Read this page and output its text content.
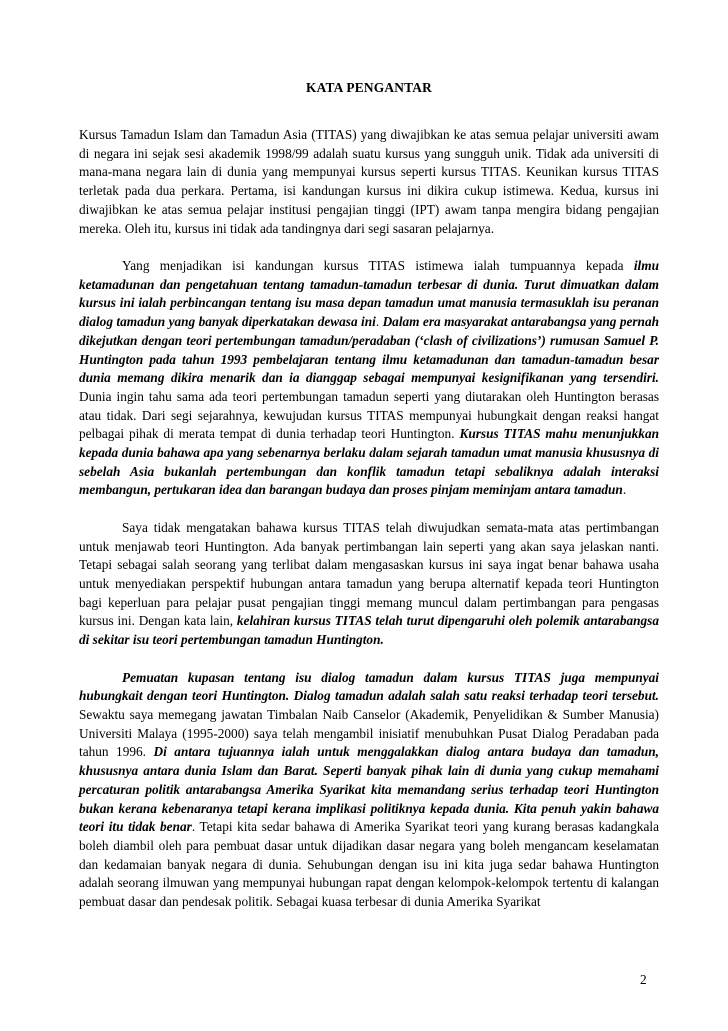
KATA PENGANTAR

Kursus Tamadun Islam dan Tamadun Asia (TITAS) yang diwajibkan ke atas semua pelajar universiti awam di negara ini sejak sesi akademik 1998/99 adalah suatu kursus yang sungguh unik. Tidak ada universiti di mana-mana negara lain di dunia yang mempunyai kursus seperti kursus TITAS. Keunikan kursus TITAS terletak pada dua perkara. Pertama, isi kandungan kursus ini dikira cukup istimewa. Kedua, kursus ini diwajibkan ke atas semua pelajar institusi pengajian tinggi (IPT) awam tanpa mengira bidang pengajian mereka. Oleh itu, kursus ini tidak ada tandingnya dari segi sasaran pelajarnya.

Yang menjadikan isi kandungan kursus TITAS istimewa ialah tumpuannya kepada ilmu ketamadunan dan pengetahuan tentang tamadun-tamadun terbesar di dunia. Turut dimuatkan dalam kursus ini ialah perbincangan tentang isu masa depan tamadun umat manusia termasuklah isu peranan dialog tamadun yang banyak diperkatakan dewasa ini. Dalam era masyarakat antarabangsa yang pernah dikejutkan dengan teori pertembungan tamadun/peradaban (‘clash of civilizations’) rumusan Samuel P. Huntington pada tahun 1993 pembelajaran tentang ilmu ketamadunan dan tamadun-tamadun besar dunia memang dikira menarik dan ia dianggap sebagai mempunyai kesignifikanan yang tersendiri. Dunia ingin tahu sama ada teori pertembungan tamadun seperti yang diutarakan oleh Huntington berasas atau tidak. Dari segi sejarahnya, kewujudan kursus TITAS mempunyai hubungkait dengan reaksi hangat pelbagai pihak di merata tempat di dunia terhadap teori Huntington. Kursus TITAS mahu menunjukkan kepada dunia bahawa apa yang sebenarnya berlaku dalam sejarah tamadun umat manusia khususnya di sebelah Asia bukanlah pertembungan dan konflik tamadun tetapi sebaliknya adalah interaksi membangun, pertukaran idea dan barangan budaya dan proses pinjam meminjam antara tamadun.

Saya tidak mengatakan bahawa kursus TITAS telah diwujudkan semata-mata atas pertimbangan untuk menjawab teori Huntington. Ada banyak pertimbangan lain seperti yang akan saya jelaskan nanti. Tetapi sebagai salah seorang yang terlibat dalam mengasaskan kursus ini saya ingat benar bahawa usaha untuk menyediakan perspektif hubungan antara tamadun yang berupa alternatif kepada teori Huntington bagi keperluan para pelajar pusat pengajian tinggi memang muncul dalam pertimbangan para pengasas kursus ini. Dengan kata lain, kelahiran kursus TITAS telah turut dipengaruhi oleh polemik antarabangsa di sekitar isu teori pertembungan tamadun Huntington.

Pemuatan kupasan tentang isu dialog tamadun dalam kursus TITAS juga mempunyai hubungkait dengan teori Huntington. Dialog tamadun adalah salah satu reaksi terhadap teori tersebut. Sewaktu saya memegang jawatan Timbalan Naib Canselor (Akademik, Penyelidikan & Sumber Manusia) Universiti Malaya (1995-2000) saya telah mengambil inisiatif menubuhkan Pusat Dialog Peradaban pada tahun 1996. Di antara tujuannya ialah untuk menggalakkan dialog antara budaya dan tamadun, khususnya antara dunia Islam dan Barat. Seperti banyak pihak lain di dunia yang cukup memahami percaturan politik antarabangsa Amerika Syarikat kita memandang serius terhadap teori Huntington bukan kerana kebenaranya tetapi kerana implikasi politiknya kepada dunia. Kita penuh yakin bahawa teori itu tidak benar. Tetapi kita sedar bahawa di Amerika Syarikat teori yang kurang berasas kadangkala boleh diambil oleh para pembuat dasar untuk dijadikan dasar negara yang boleh mengancam keselamatan dan kedamaian banyak negara di dunia. Sehubungan dengan isu ini kita juga sedar bahawa Huntington adalah seorang ilmuwan yang mempunyai hubungan rapat dengan kelompok-kelompok tertentu di kalangan pembuat dasar dan pendesak politik. Sebagai kuasa terbesar di dunia Amerika Syarikat

2
